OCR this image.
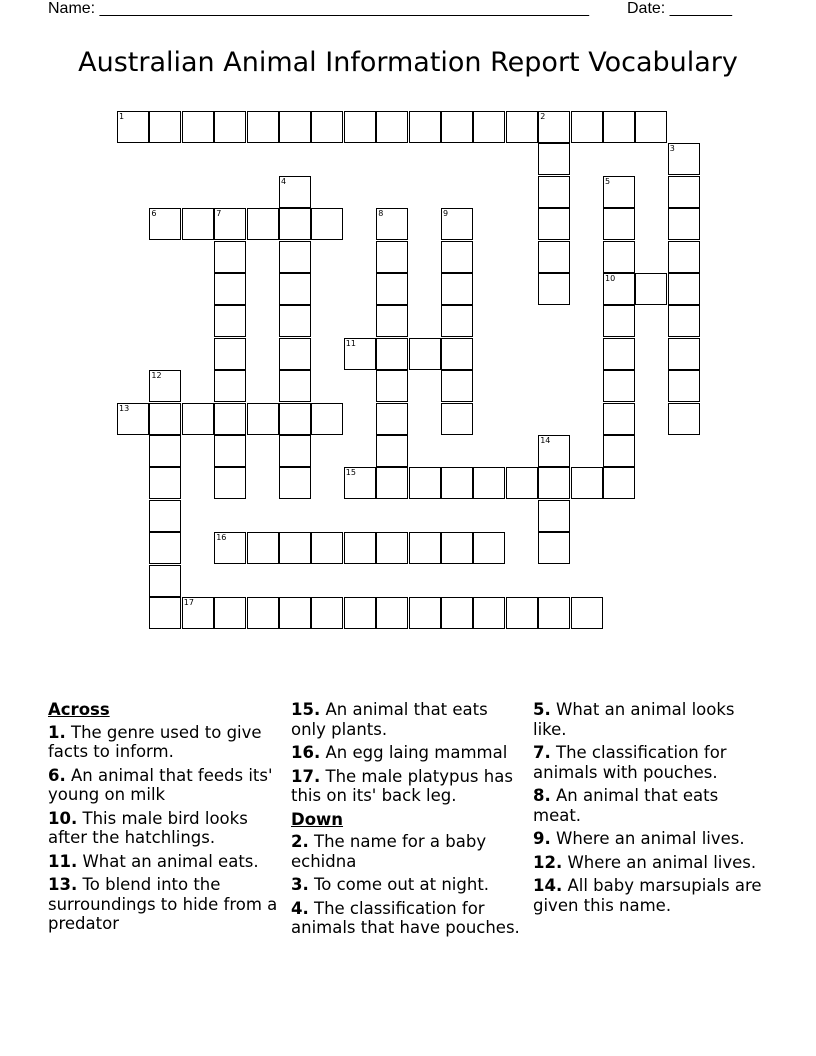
Name: _______________________________________________________ Date: _______
Australian Animal Information Report Vocabulary
1	2
6	7
10
11
13
15
16
17
3
4	5
8	9
12
14
Across
1. The genre used to give facts to inform.
6. An animal that feeds its' young on milk
10. This male bird looks after the hatchlings.
11. What an animal eats.
13. To blend into the surroundings to hide from a predator
15. An animal that eats only plants.
16. An egg laing mammal
17. The male platypus has this on its' back leg.
Down
2. The name for a baby echidna
3. To come out at night.
4. The classification for animals that have pouches.
5. What an animal looks like.
7. The classification for animals with pouches.
8. An animal that eats meat.
9. Where an animal lives.
12. Where an animal lives.
14. All baby marsupials are given this name.
